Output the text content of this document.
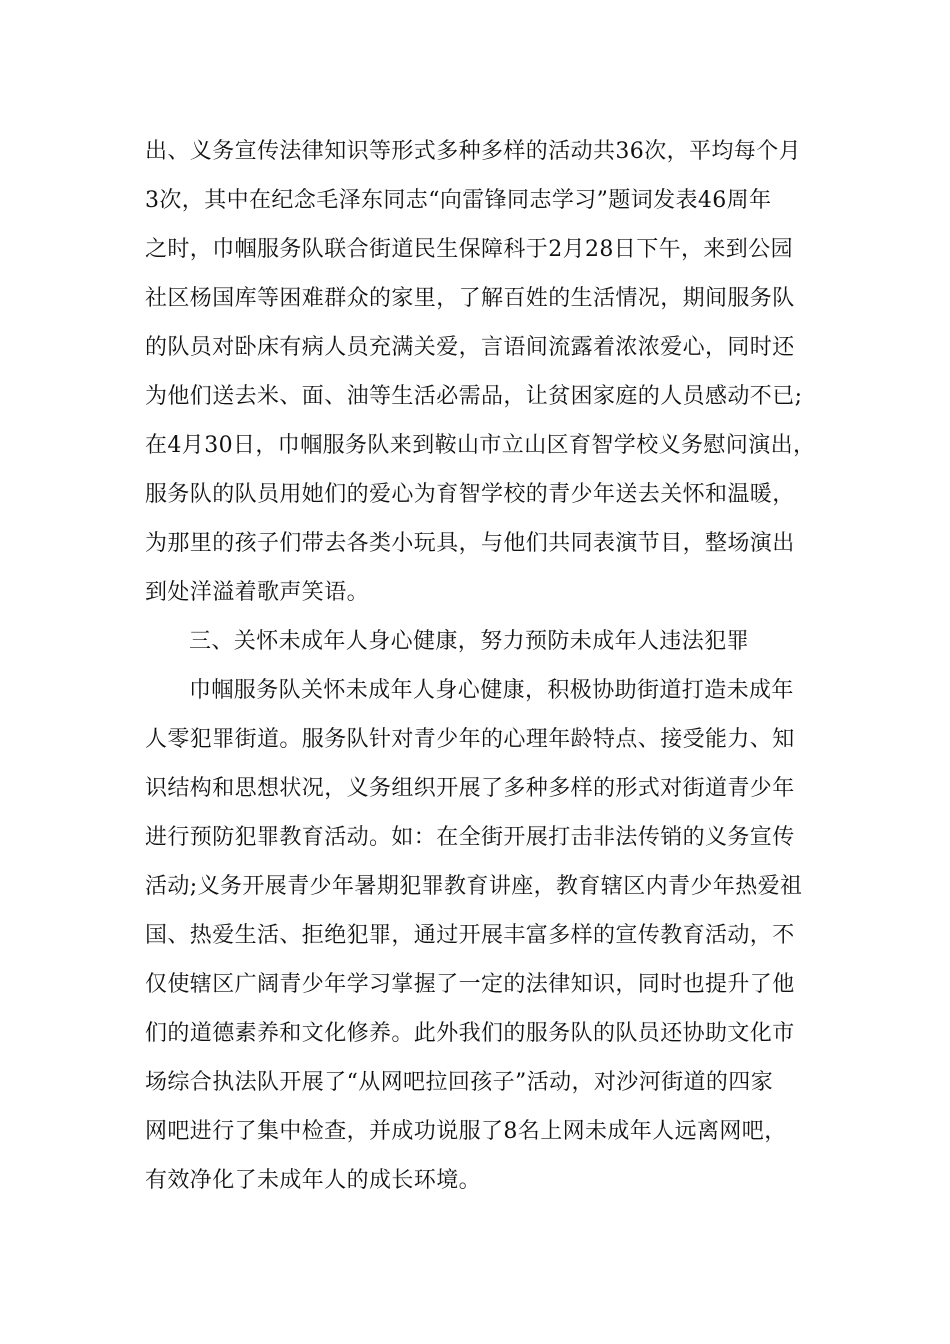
出、义务宣传法律知识等形式多种多样的活动共36次，平均每个月
3次，其中在纪念毛泽东同志“向雷锋同志学习”题词发表46周年
之时，巾帼服务队联合街道民生保障科于2月28日下午，来到公园
社区杨国库等困难群众的家里，了解百姓的生活情况，期间服务队
的队员对卧床有病人员充满关爱，言语间流露着浓浓爱心，同时还
为他们送去米、面、油等生活必需品，让贫困家庭的人员感动不已;
在4月30日，巾帼服务队来到鞍山市立山区育智学校义务慰问演出，
服务队的队员用她们的爱心为育智学校的青少年送去关怀和温暖，
为那里的孩子们带去各类小玩具，与他们共同表演节目，整场演出
到处洋溢着歌声笑语。
三、关怀未成年人身心健康，努力预防未成年人违法犯罪
巾帼服务队关怀未成年人身心健康，积极协助街道打造未成年
人零犯罪街道。服务队针对青少年的心理年龄特点、接受能力、知
识结构和思想状况，义务组织开展了多种多样的形式对街道青少年
进行预防犯罪教育活动。如：在全街开展打击非法传销的义务宣传
活动;义务开展青少年暑期犯罪教育讲座，教育辖区内青少年热爱祖
国、热爱生活、拒绝犯罪，通过开展丰富多样的宣传教育活动，不
仅使辖区广阔青少年学习掌握了一定的法律知识，同时也提升了他
们的道德素养和文化修养。此外我们的服务队的队员还协助文化市
场综合执法队开展了“从网吧拉回孩子”活动，对沙河街道的四家
网吧进行了集中检查，并成功说服了8名上网未成年人远离网吧，
有效净化了未成年人的成长环境。
